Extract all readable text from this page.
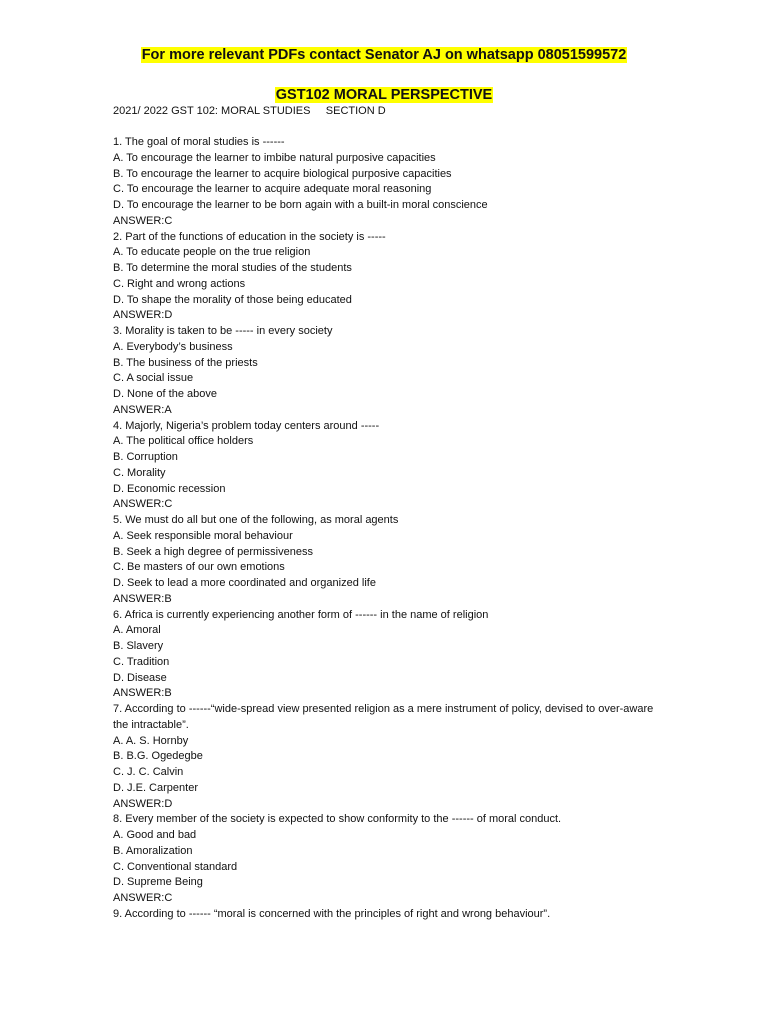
For more relevant PDFs contact Senator AJ on whatsapp 08051599572
GST102 MORAL PERSPECTIVE
2021/ 2022 GST 102: MORAL STUDIES     SECTION D
1. The goal of moral studies is ------
A. To encourage the learner to imbibe natural purposive capacities
B. To encourage the learner to acquire biological purposive capacities
C. To encourage the learner to acquire adequate moral reasoning
D. To encourage the learner to be born again with a built-in moral conscience
ANSWER:C
2. Part of the functions of education in the society is -----
A. To educate people on the true religion
B. To determine the moral studies of the students
C. Right and wrong actions
D. To shape the morality of those being educated
ANSWER:D
3. Morality is taken to be ----- in every society
A. Everybody’s business
B. The business of the priests
C. A social issue
D. None of the above
ANSWER:A
4. Majorly, Nigeria’s problem today centers around -----
A. The political office holders
B. Corruption
C. Morality
D. Economic recession
ANSWER:C
5. We must do all but one of the following, as moral agents
A. Seek responsible moral behaviour
B. Seek a high degree of permissiveness
C. Be masters of our own emotions
D. Seek to lead a more coordinated and organized life
ANSWER:B
6. Africa is currently experiencing another form of ------ in the name of religion
A. Amoral
B. Slavery
C. Tradition
D. Disease
ANSWER:B
7. According to ------“wide-spread view presented religion as a mere instrument of policy, devised to over-aware the intractable”.
A. A. S. Hornby
B. B.G. Ogedegbe
C. J. C. Calvin
D. J.E. Carpenter
ANSWER:D
8. Every member of the society is expected to show conformity to the ------ of moral conduct.
A. Good and bad
B. Amoralization
C. Conventional standard
D. Supreme Being
ANSWER:C
9. According to ------ “moral is concerned with the principles of right and wrong behaviour”.
